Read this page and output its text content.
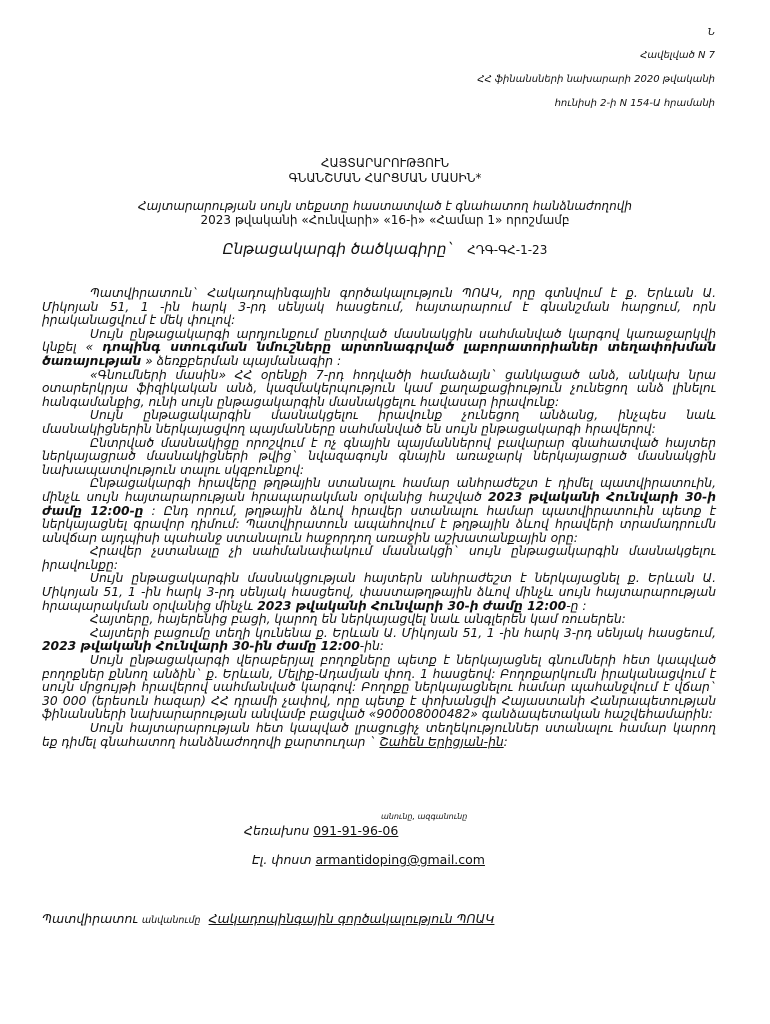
Ն
Հավելված N 7
ՀՀ ֆինանսների նախարարի 2020 թվականի
հունիսի 2-ի N 154-Ա հրամանի
ՀԱՅՏԱՐԱՐՈՒԹՅՈՒՆ
ԳՆԱՆՇՄԱՆ ՀԱՐՑՄԱՆ ՄԱՍԻՆ*
Հայտարարության սույն տեքստը հաստատված է գնահատող հանձնաժողովի
2023 թվականի «Հունվարի» «16-ի» «Համար 1» որոշմամբ
Ընթացակարգի ծածկագիրը` ՀԴԳ-ԳՀ-1-23

Պատվիրատուն` Հակադոպինգային գործակալություն ՊՈԱԿ, որը գտնվում է ք. Երևան Ա. Միկոյան 51, 1 -ին հարկ 3-րդ սենյակ հասցեում, հայտարարում է գնանշման հարցում, որն իրականացվում է մեկ փուլով:

Սույն ընթացակարգի արդյունքում ընտրված մասնակցին սահմանված կարգով կառաջարկվի կնքել « դոպինգ ստուգման նմուշները արտոնագրված լաբորատորիաներ տեղափոխման ծառայության » ձեռքբերման պայմանագիր :

«Գնումների մասին» ՀՀ օրենքի 7-րդ հոդվածի համաձայն` ցանկացած անձ, անկախ նրա օտարերկրյա ֆիզիկական անձ, կազմակերպություն կամ քաղաքացիություն չունեցող անձ լինելու հանգամանքից, ունի սույն ընթացակարգին մասնակցելու հավասար իրավունք:

Սույն ընթացակարգին մասնակցելու իրավունք չունեցող անձանց, ինչպես նաև մասնակիցներին ներկայացվող պայմանները սահմանված են սույն ընթացակարգի հրավերով:

Ընտրված մասնակիցը որոշվում է ոչ գնային պայմաններով բավարար գնահատված հայտեր ներկայացրած մասնակիցների թվից` նվազագույն գնային առաջարկ ներկայացրած մասնակցին նախապատվություն տալու սկզբունքով:

Ընթացակարգի հրավերը թղթային ստանալու համար անհրաժեշտ է դիմել պատվիրատուին, մինչև սույն հայտարարության հրապարակման օրվանից հաշված 2023 թվականի Հունվարի 30-ի ժամը 12:00-ը : Ընդ որում, թղթային ձևով հրավեր ստանալու համար պատվիրատուին պետք է ներկայացնել գրավոր դիմում: Պատվիրատուն ապահովում է թղթային ձևով հրավերի տրամադրումն անվճար այդպիսի պահանջ ստանալուն հաջորդող առաջին աշխատանքային օրը:

Հրավեր չստանալը չի սահմանափակում մասնակցի` սույն ընթացակարգին մասնակցելու իրավունքը:

Սույն ընթացակարգին մասնակցության հայտերն անհրաժեշտ է ներկայացնել ք. Երևան Ա. Միկոյան 51, 1 -ին հարկ 3-րդ սենյակ հասցեով, փաստաթղթային ձևով մինչև սույն հայտարարության հրապարակման օրվանից մինչև 2023 թվականի Հունվարի 30-ի ժամը 12:00-ը :

Հայտերը, հայերենից բացի, կարող են ներկայացվել նաև անգլերեն կամ ռուսերեն:

Հայտերի բացումը տեղի կունենա ք. Երևան Ա. Միկոյան 51, 1 -ին հարկ 3-րդ սենյակ հասցեում, 2023 թվականի Հունվարի 30-ին ժամը 12:00-ին:

Սույն ընթացակարգի վերաբերյալ բողոքները պետք է ներկայացնել գնումների հետ կապված բողոքներ քննող անձին` ք. Երևան, Մելիք-Ադամյան փող. 1 հասցեով: Բողոքարկումն իրականացվում է սույն մրցույթի հրավերով սահմանված կարգով: Բողոքը ներկայացնելու համար պահանջվում է վճար` 30 000 (երեսուն հազար) ՀՀ դրամի չափով, որը պետք է փոխանցվի Հայաստանի Հանրապետության ֆինանսների նախարարության անվամբ բացված «900008000482» գանձապետական հաշվեհամարին:

Սույն հայտարարության հետ կապված լրացուցիչ տեղեկություններ ստանալու համար կարող եք դիմել գնահատող հանձնաժողովի քարտուղար ` Շահեն Երիցյան-ին:

անունը, ազգանունը
Հեռախոս 091-91-96-06
Էլ. փոստ armantidoping@gmail.com
Պատվիրատու անվանումը Հակադոպինգային գործակալություն ՊՈԱԿ
